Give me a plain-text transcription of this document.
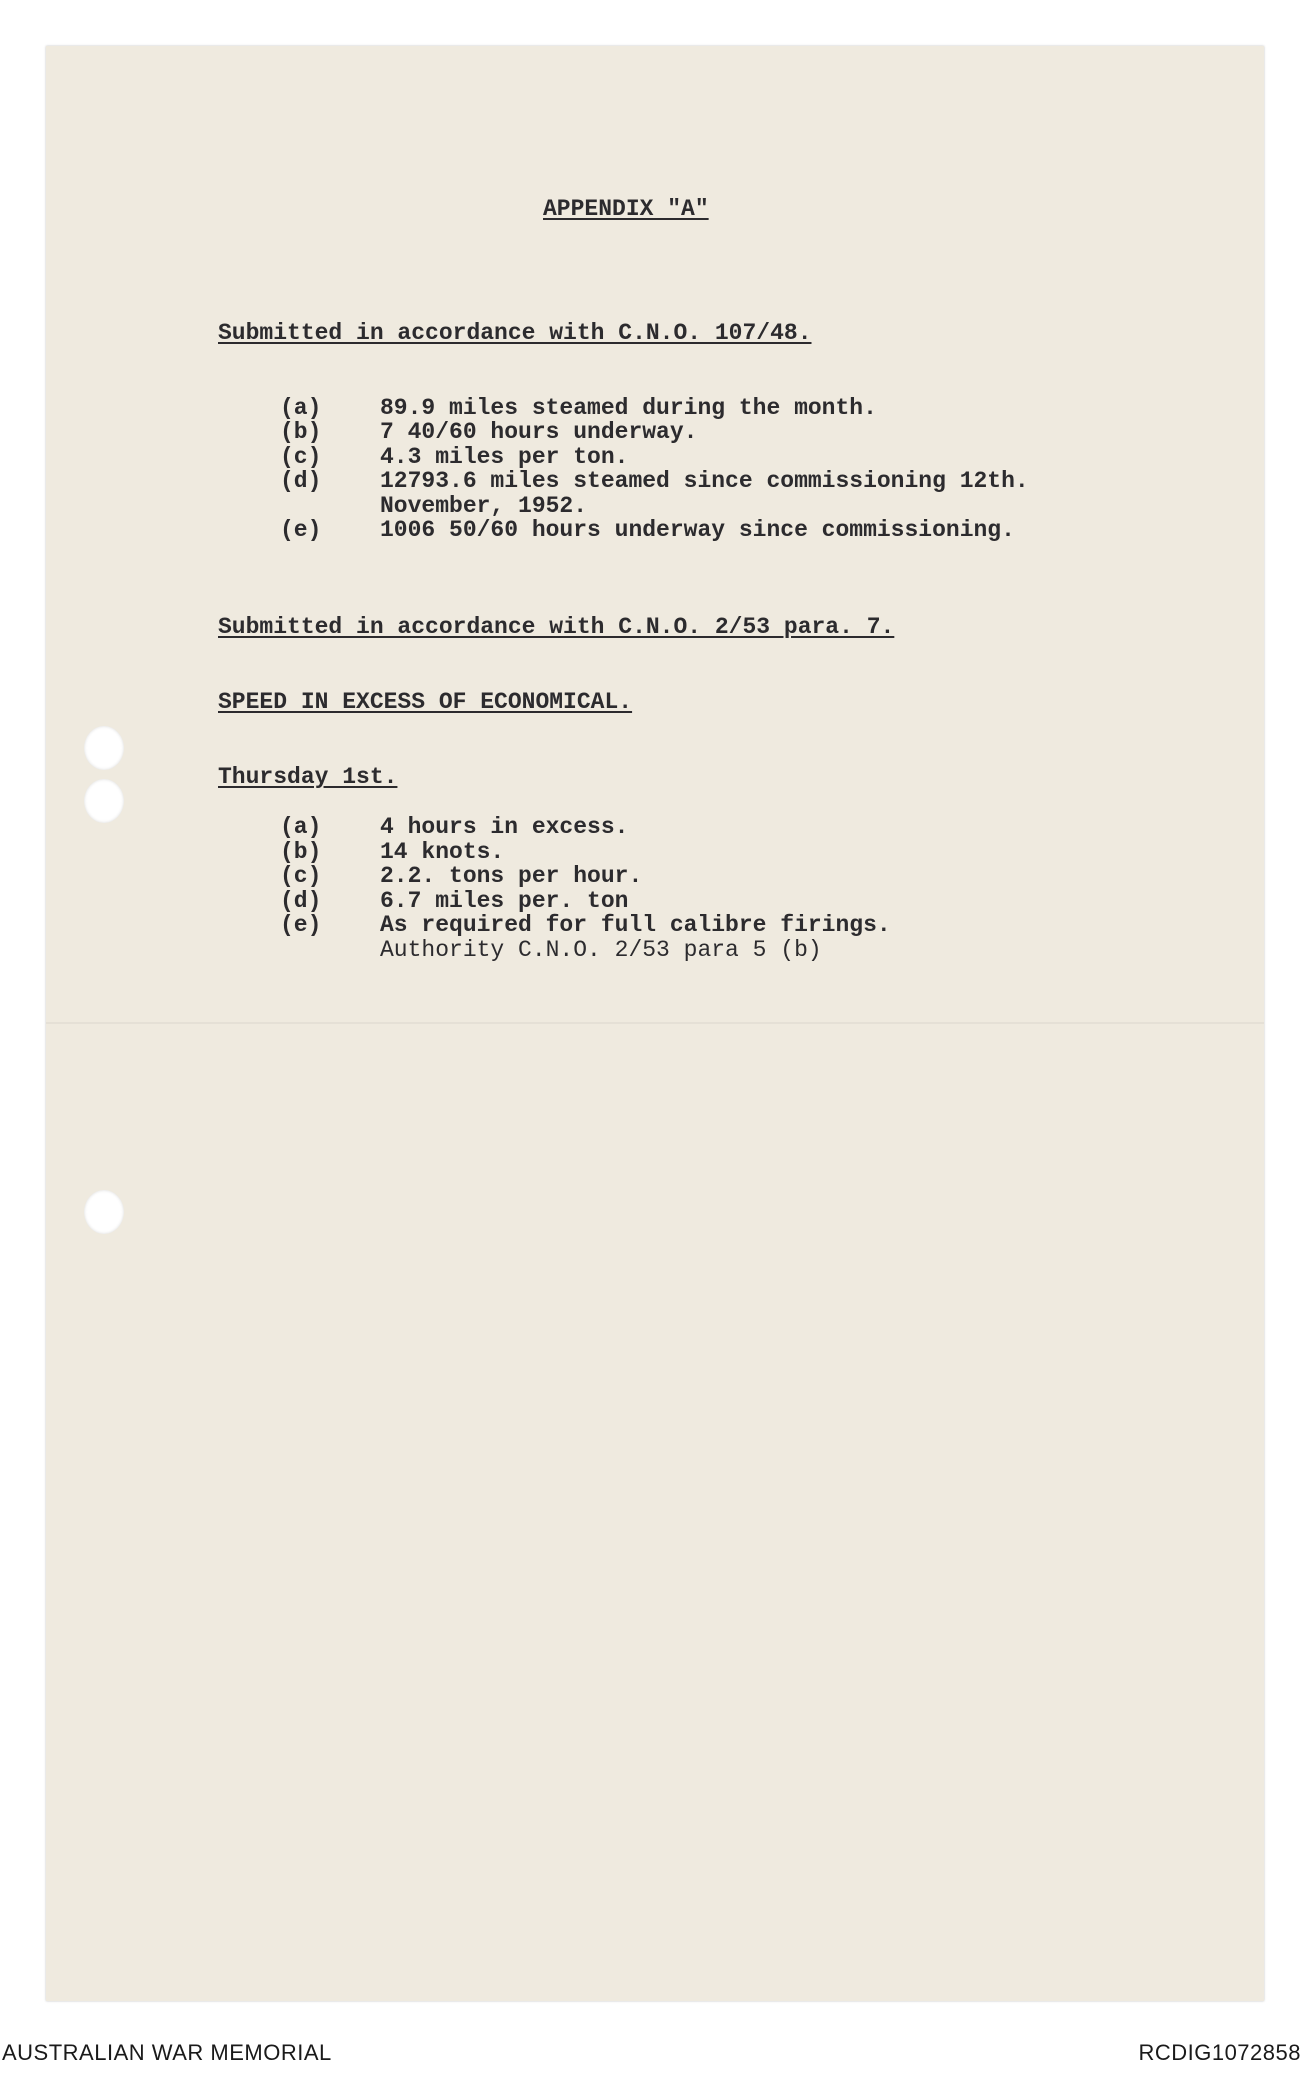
APPENDIX "A"
Submitted in accordance with C.N.O. 107/48.
(a)	89.9 miles steamed during the month.
(b)	7 40/60 hours underway.
(c)	4.3 miles per ton.
(d)	12793.6 miles steamed since commissioning 12th.
November, 1952.
(e)	1006 50/60 hours underway since commissioning.
Submitted in accordance with C.N.O. 2/53 para. 7.
SPEED IN EXCESS OF ECONOMICAL.
Thursday 1st.
(a)	4 hours in excess.
(b)	14 knots.
(c)	2.2. tons per hour.
(d)	6.7 miles per. ton
(e)	As required for full calibre firings.
Authority C.N.O. 2/53 para 5 (b)
AUSTRALIAN WAR MEMORIAL	RCDIG1072858
